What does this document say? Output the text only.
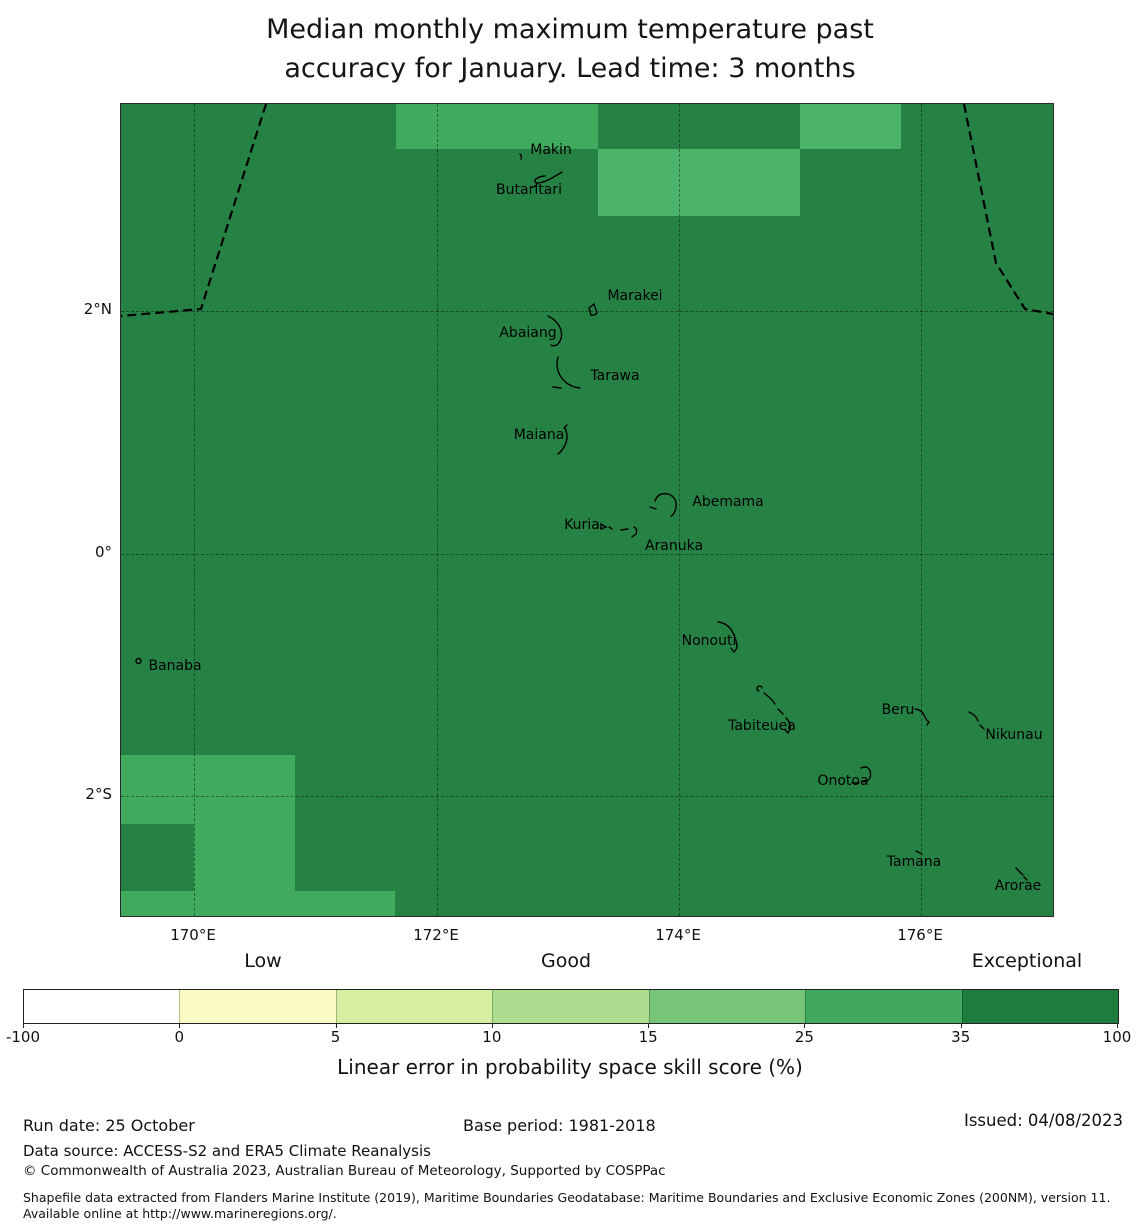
Median monthly maximum temperature past
accuracy for January. Lead time: 3 months
Makin
Butaritari
Marakei
Abaiang
Tarawa
Maiana
Abemama
Kuria
Aranuka
Nonouti
Banaba
Tabiteuea
Beru
Nikunau
Onotoa
Tamana
Arorae
170°E	172°E	174°E	176°E
2°N
0°
2°S
Low	Good	Exceptional
-100	0	5	10	15	25	35	100
Linear error in probability space skill score (%)
Run date: 25 October	Base period: 1981-2018	Issued: 04/08/2023
Data source: ACCESS-S2 and ERA5 Climate Reanalysis
© Commonwealth of Australia 2023, Australian Bureau of Meteorology, Supported by COSPPac
Shapefile data extracted from Flanders Marine Institute (2019), Maritime Boundaries Geodatabase: Maritime Boundaries and Exclusive Economic Zones (200NM), version 11. Available online at http://www.marineregions.org/.
